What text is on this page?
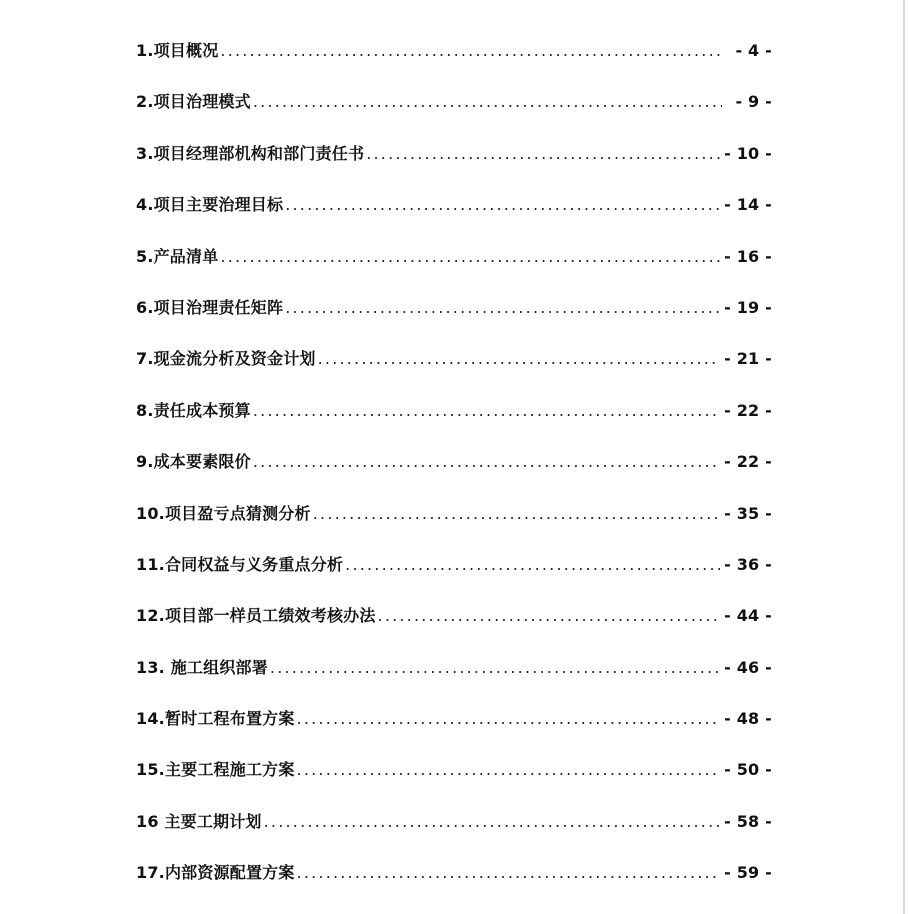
1.项目概况 .....	- 4 -
2.项目治理模式 .....	- 9 -
3.项目经理部机构和部门责任书 .....	- 10 -
4.项目主要治理目标 .....	- 14 -
5.产品清单 .....	- 16 -
6.项目治理责任矩阵 .....	- 19 -
7.现金流分析及资金计划 .....	- 21 -
8.责任成本预算 .....	- 22 -
9.成本要素限价 .....	- 22 -
10.项目盈亏点猜测分析 .....	- 35 -
11.合同权益与义务重点分析 .....	- 36 -
12.项目部一样员工绩效考核办法 .....	- 44 -
13. 施工组织部署 .....	- 46 -
14.暂时工程布置方案 .....	- 48 -
15.主要工程施工方案 .....	- 50 -
16 主要工期计划 .....	- 58 -
17.内部资源配置方案 .....	- 59 -
